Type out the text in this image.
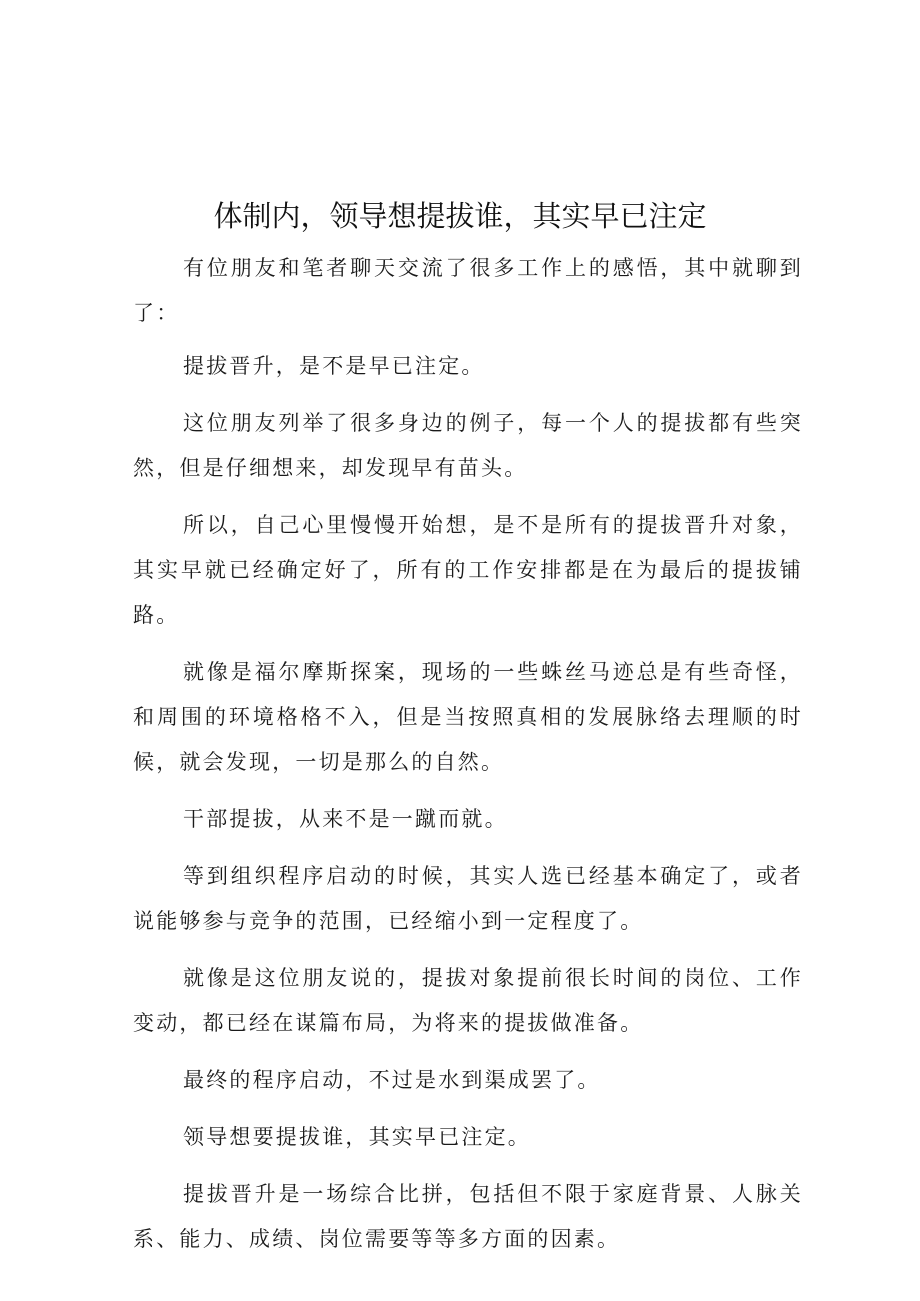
体制内，领导想提拔谁，其实早已注定

有位朋友和笔者聊天交流了很多工作上的感悟，其中就聊到了：

提拔晋升，是不是早已注定。

这位朋友列举了很多身边的例子，每一个人的提拔都有些突然，但是仔细想来，却发现早有苗头。

所以，自己心里慢慢开始想，是不是所有的提拔晋升对象，其实早就已经确定好了，所有的工作安排都是在为最后的提拔铺路。

就像是福尔摩斯探案，现场的一些蛛丝马迹总是有些奇怪，和周围的环境格格不入，但是当按照真相的发展脉络去理顺的时候，就会发现，一切是那么的自然。

干部提拔，从来不是一蹴而就。

等到组织程序启动的时候，其实人选已经基本确定了，或者说能够参与竞争的范围，已经缩小到一定程度了。

就像是这位朋友说的，提拔对象提前很长时间的岗位、工作变动，都已经在谋篇布局，为将来的提拔做准备。

最终的程序启动，不过是水到渠成罢了。

领导想要提拔谁，其实早已注定。

提拔晋升是一场综合比拼，包括但不限于家庭背景、人脉关系、能力、成绩、岗位需要等等多方面的因素。
